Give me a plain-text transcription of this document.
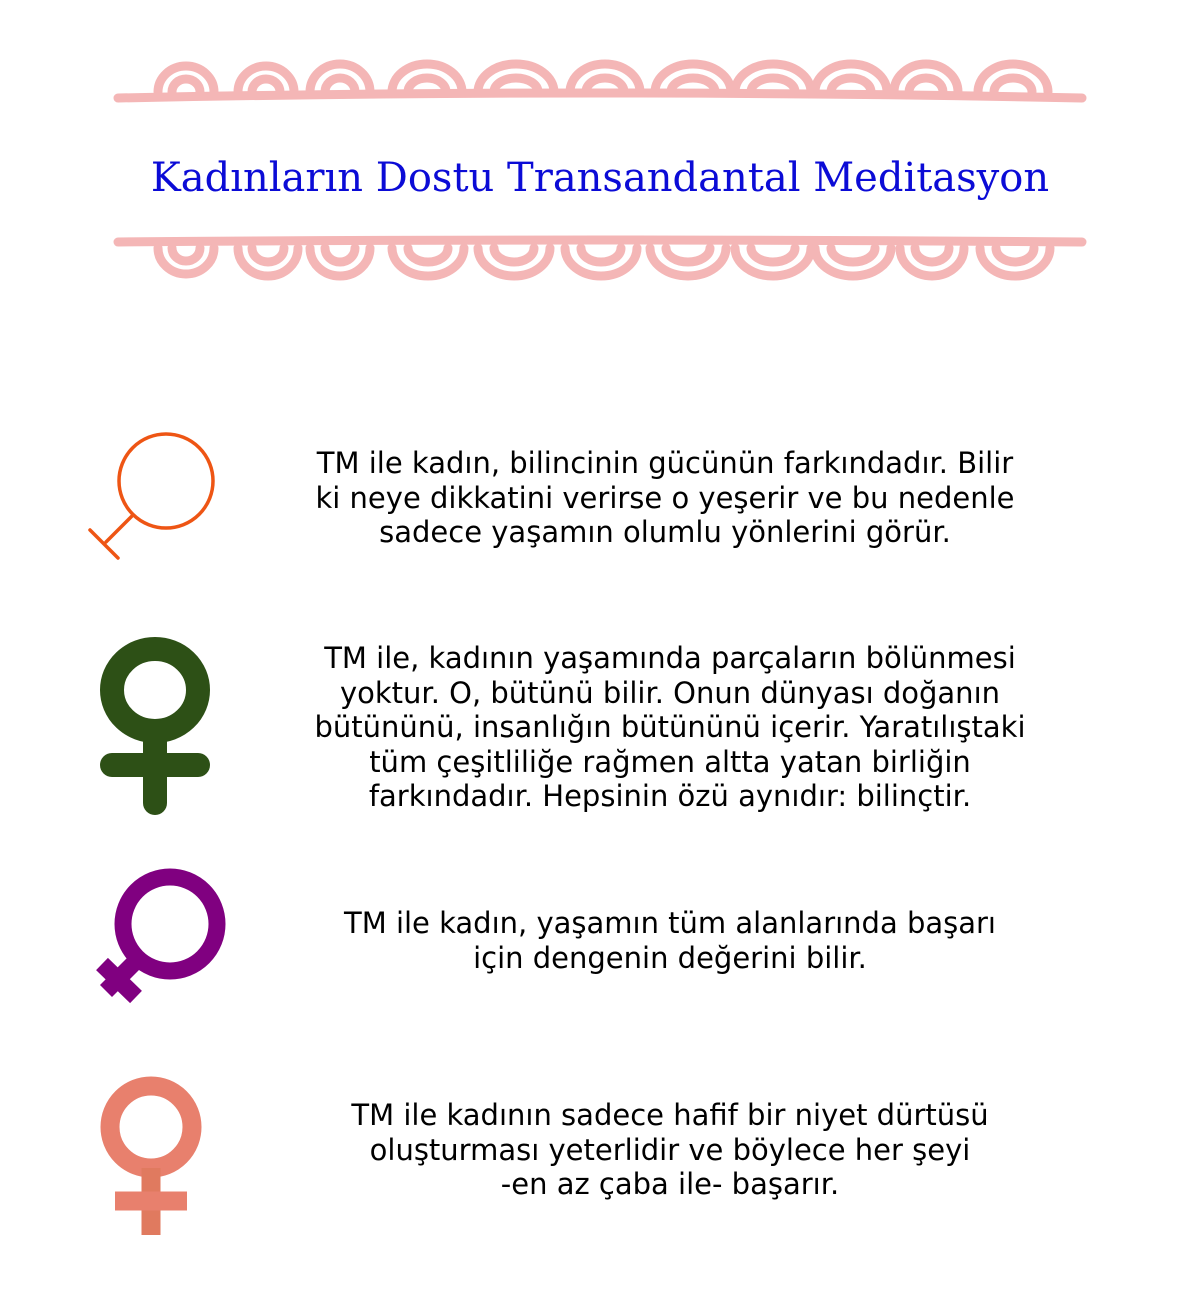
Kadınların Dostu Transandantal Meditasyon
TM ile kadın, bilincinin gücünün farkındadır. Bilir
ki neye dikkatini verirse o yeşerir ve bu nedenle
sadece yaşamın olumlu yönlerini görür.
TM ile, kadının yaşamında parçaların bölünmesi
yoktur. O, bütünü bilir. Onun dünyası doğanın
bütününü, insanlığın bütününü içerir. Yaratılıştaki
tüm çeşitliliğe rağmen altta yatan birliğin
farkındadır. Hepsinin özü aynıdır: bilinçtir.
TM ile kadın, yaşamın tüm alanlarında başarı
için dengenin değerini bilir.
TM ile kadının sadece hafif bir niyet dürtüsü
oluşturması yeterlidir ve böylece her şeyi
-en az çaba ile- başarır.
